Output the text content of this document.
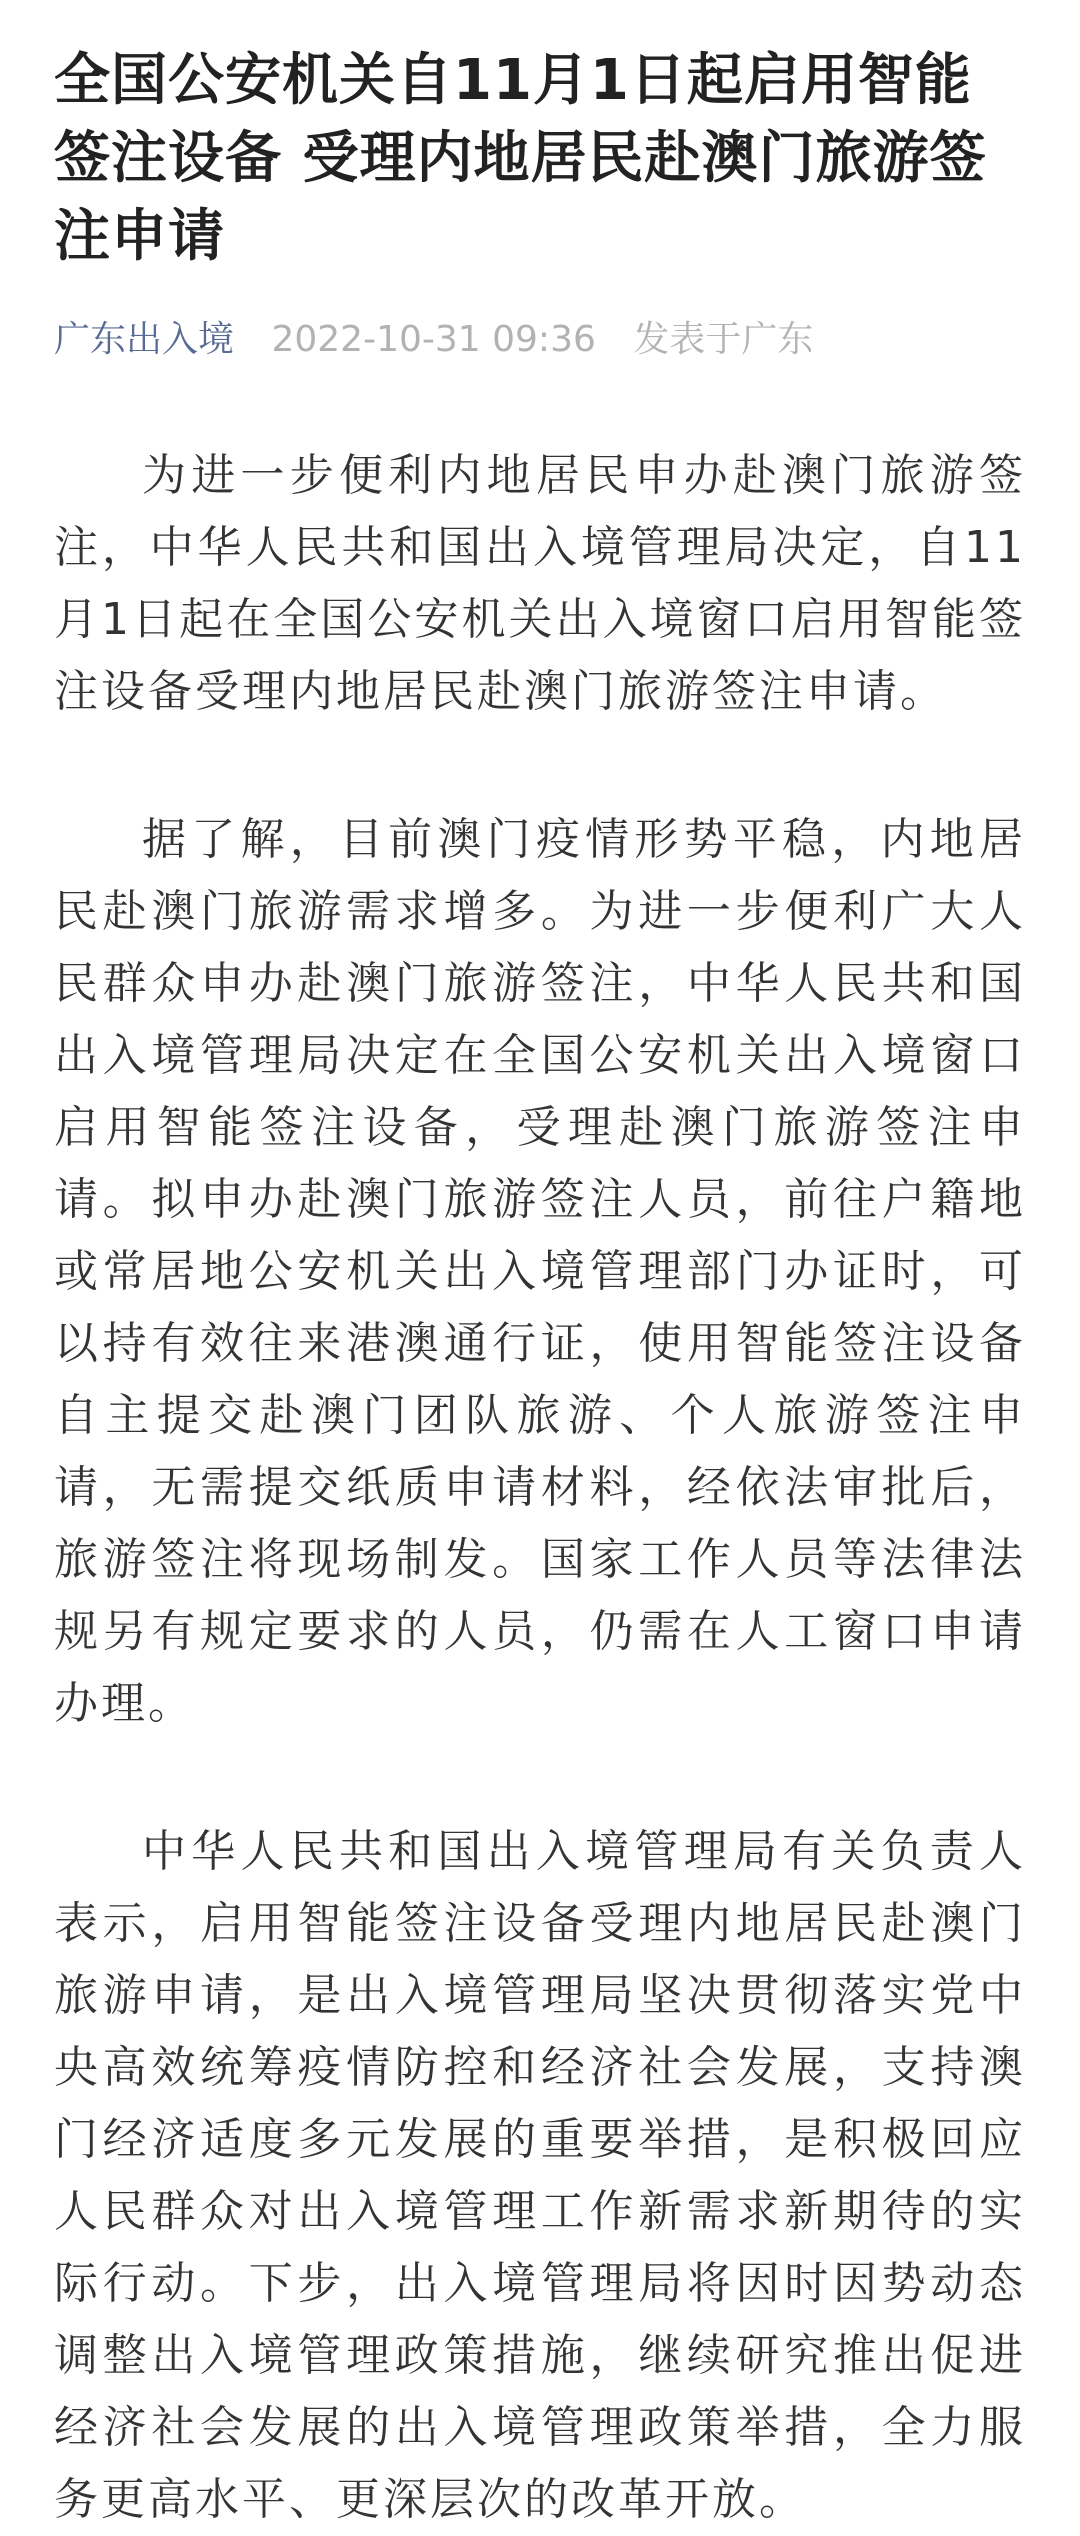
全国公安机关自11月1日起启用智能签注设备 受理内地居民赴澳门旅游签注申请
广东出入境 2022-10-31 09:36 发表于广东

为进一步便利内地居民申办赴澳门旅游签注，中华人民共和国出入境管理局决定，自11月1日起在全国公安机关出入境窗口启用智能签注设备受理内地居民赴澳门旅游签注申请。

据了解，目前澳门疫情形势平稳，内地居民赴澳门旅游需求增多。为进一步便利广大人民群众申办赴澳门旅游签注，中华人民共和国出入境管理局决定在全国公安机关出入境窗口启用智能签注设备，受理赴澳门旅游签注申请。拟申办赴澳门旅游签注人员，前往户籍地或常居地公安机关出入境管理部门办证时，可以持有效往来港澳通行证，使用智能签注设备自主提交赴澳门团队旅游、个人旅游签注申请，无需提交纸质申请材料，经依法审批后，旅游签注将现场制发。国家工作人员等法律法规另有规定要求的人员，仍需在人工窗口申请办理。

中华人民共和国出入境管理局有关负责人表示，启用智能签注设备受理内地居民赴澳门旅游申请，是出入境管理局坚决贯彻落实党中央高效统筹疫情防控和经济社会发展，支持澳门经济适度多元发展的重要举措，是积极回应人民群众对出入境管理工作新需求新期待的实际行动。下步，出入境管理局将因时因势动态调整出入境管理政策措施，继续研究推出促进经济社会发展的出入境管理政策举措，全力服务更高水平、更深层次的改革开放。
